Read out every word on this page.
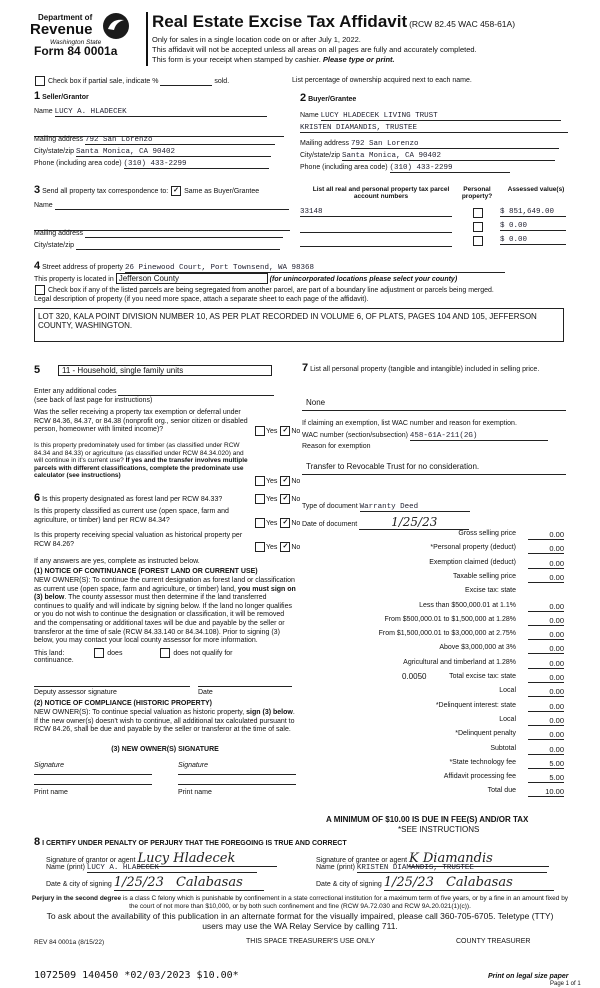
Department of
Revenue
Washington State
Form 84 0001a
Real Estate Excise Tax Affidavit (RCW 82.45 WAC 458-61A)
Only for sales in a single location code on or after July 1, 2022.
This affidavit will not be accepted unless all areas on all pages are fully and accurately completed.
This form is your receipt when stamped by cashier. Please type or print.
Check box if partial sale, indicate %	sold.	List percentage of ownership acquired next to each name.
1 Seller/Grantor
Name LUCY A. HLADECEK
Mailing address 792 San Lorenzo
City/state/zip Santa Monica, CA 90402
Phone (including area code) (310) 433-2299
2 Buyer/Grantee
Name LUCY HLADECEK LIVING TRUST
KRISTEN DIAMANDIS, TRUSTEE
Mailing address 792 San Lorenzo
City/state/zip Santa Monica, CA 90402
Phone (including area code) (310) 433-2299
3 Send all property tax correspondence to: ✓ Same as Buyer/Grantee
Name
Mailing address
City/state/zip
List all real and personal property tax parcel account numbers
Personal property?
Assessed value(s)
33148	$ 851,649.00
$ 0.00
$ 0.00
4 Street address of property 26 Pinewood Court, Port Townsend, WA 98368
This property is located in Jefferson County	(for unincorporated locations please select your county)
Check box if any of the listed parcels are being segregated from another parcel, are part of a boundary line adjustment or parcels being merged.
Legal description of property (if you need more space, attach a separate sheet to each page of the affidavit).
LOT 320, KALA POINT DIVISION NUMBER 10, AS PER PLAT RECORDED IN VOLUME 6, OF PLATS, PAGES 104 AND 105, JEFFERSON COUNTY, WASHINGTON.
5	11 - Household, single family units
Enter any additional codes
(see back of last page for instructions)
Was the seller receiving a property tax exemption or deferral under RCW 84.36, 84.37, or 84.38 (nonprofit org., senior citizen or disabled person, homeowner with limited income)?	Yes ✓ No
Is this property predominately used for timber (as classified under RCW 84.34 and 84.33) or agriculture (as classified under RCW 84.34.020) and will continue in it's current use? If yes and the transfer involves multiple parcels with different classifications, complete the predominate use calculator (see instructions)
Yes ✓ No
6 Is this property designated as forest land per RCW 84.33?	Yes ✓ No
Is this property classified as current use (open space, farm and agriculture, or timber) land per RCW 84.34?	Yes ✓ No
Is this property receiving special valuation as historical property per RCW 84.26?	Yes ✓ No
If any answers are yes, complete as instructed below.
(1) NOTICE OF CONTINUANCE (FOREST LAND OR CURRENT USE)
NEW OWNER(S): To continue the current designation as forest land or classification as current use (open space, farm and agriculture, or timber) land, you must sign on (3) below. The county assessor must then determine if the land transferred continues to qualify and will indicate by signing below. If the land no longer qualifies or you do not wish to continue the designation or classification, it will be removed and the compensating or additional taxes will be due and payable by the seller or transferor at the time of sale (RCW 84.33.140 or 84.34.108). Prior to signing (3) below, you may contact your local county assessor for more information.
This land:	does	does not qualify for
continuance.
Deputy assessor signature	Date
(2) NOTICE OF COMPLIANCE (HISTORIC PROPERTY)
NEW OWNER(S): To continue special valuation as historic property, sign (3) below. If the new owner(s) doesn't wish to continue, all additional tax calculated pursuant to RCW 84.26, shall be due and payable by the seller or transferor at the time of sale.
(3) NEW OWNER(S) SIGNATURE
Signature	Signature
Print name	Print name
7 List all personal property (tangible and intangible) included in selling price.
None
If claiming an exemption, list WAC number and reason for exemption.
WAC number (section/subsection) 458-61A-211(2G)
Reason for exemption
Transfer to Revocable Trust for no consideration.
Type of document Warranty Deed
Date of document	1/25/23
Gross selling price	0.00
*Personal property (deduct)	0.00
Exemption claimed (deduct)	0.00
Taxable selling price	0.00
Excise tax: state
Less than $500,000.01 at 1.1%	0.00
From $500,000.01 to $1,500,000 at 1.28%	0.00
From $1,500,000.01 to $3,000,000 at 2.75%	0.00
Above $3,000,000 at 3%	0.00
Agricultural and timberland at 1.28%	0.00
Total excise tax: state	0.00
Local	0.00
*Delinquent interest: state	0.00
Local	0.00
*Delinquent penalty	0.00
Subtotal	0.00
*State technology fee	5.00
Affidavit processing fee	5.00
Total due	10.00
0.0050
A MINIMUM OF $10.00 IS DUE IN FEE(S) AND/OR TAX
*SEE INSTRUCTIONS
8 I CERTIFY UNDER PENALTY OF PERJURY THAT THE FOREGOING IS TRUE AND CORRECT
Signature of grantor or agent Lucy Hladecek
Name (print) LUCY A. HLADECEK
Date & city of signing 1/25/23 Calabasas
Signature of grantee or agent K Diamandis
Name (print) KRISTEN DIAMANDIS, TRUSTEE
Date & city of signing 1/25/23 Calabasas
Perjury in the second degree is a class C felony which is punishable by confinement in a state correctional institution for a maximum term of five years, or by a fine in an amount fixed by the court of not more than $10,000, or by both such confinement and fine (RCW 9A.72.030 and RCW 9A.20.021(1)(c)).
To ask about the availability of this publication in an alternate format for the visually impaired, please call 360-705-6705. Teletype (TTY) users may use the WA Relay Service by calling 711.
REV 84 0001a (8/15/22)	THIS SPACE TREASURER'S USE ONLY	COUNTY TREASURER
1072509 140450 *02/03/2023 $10.00*	Print on legal size paper
Page 1 of 1
